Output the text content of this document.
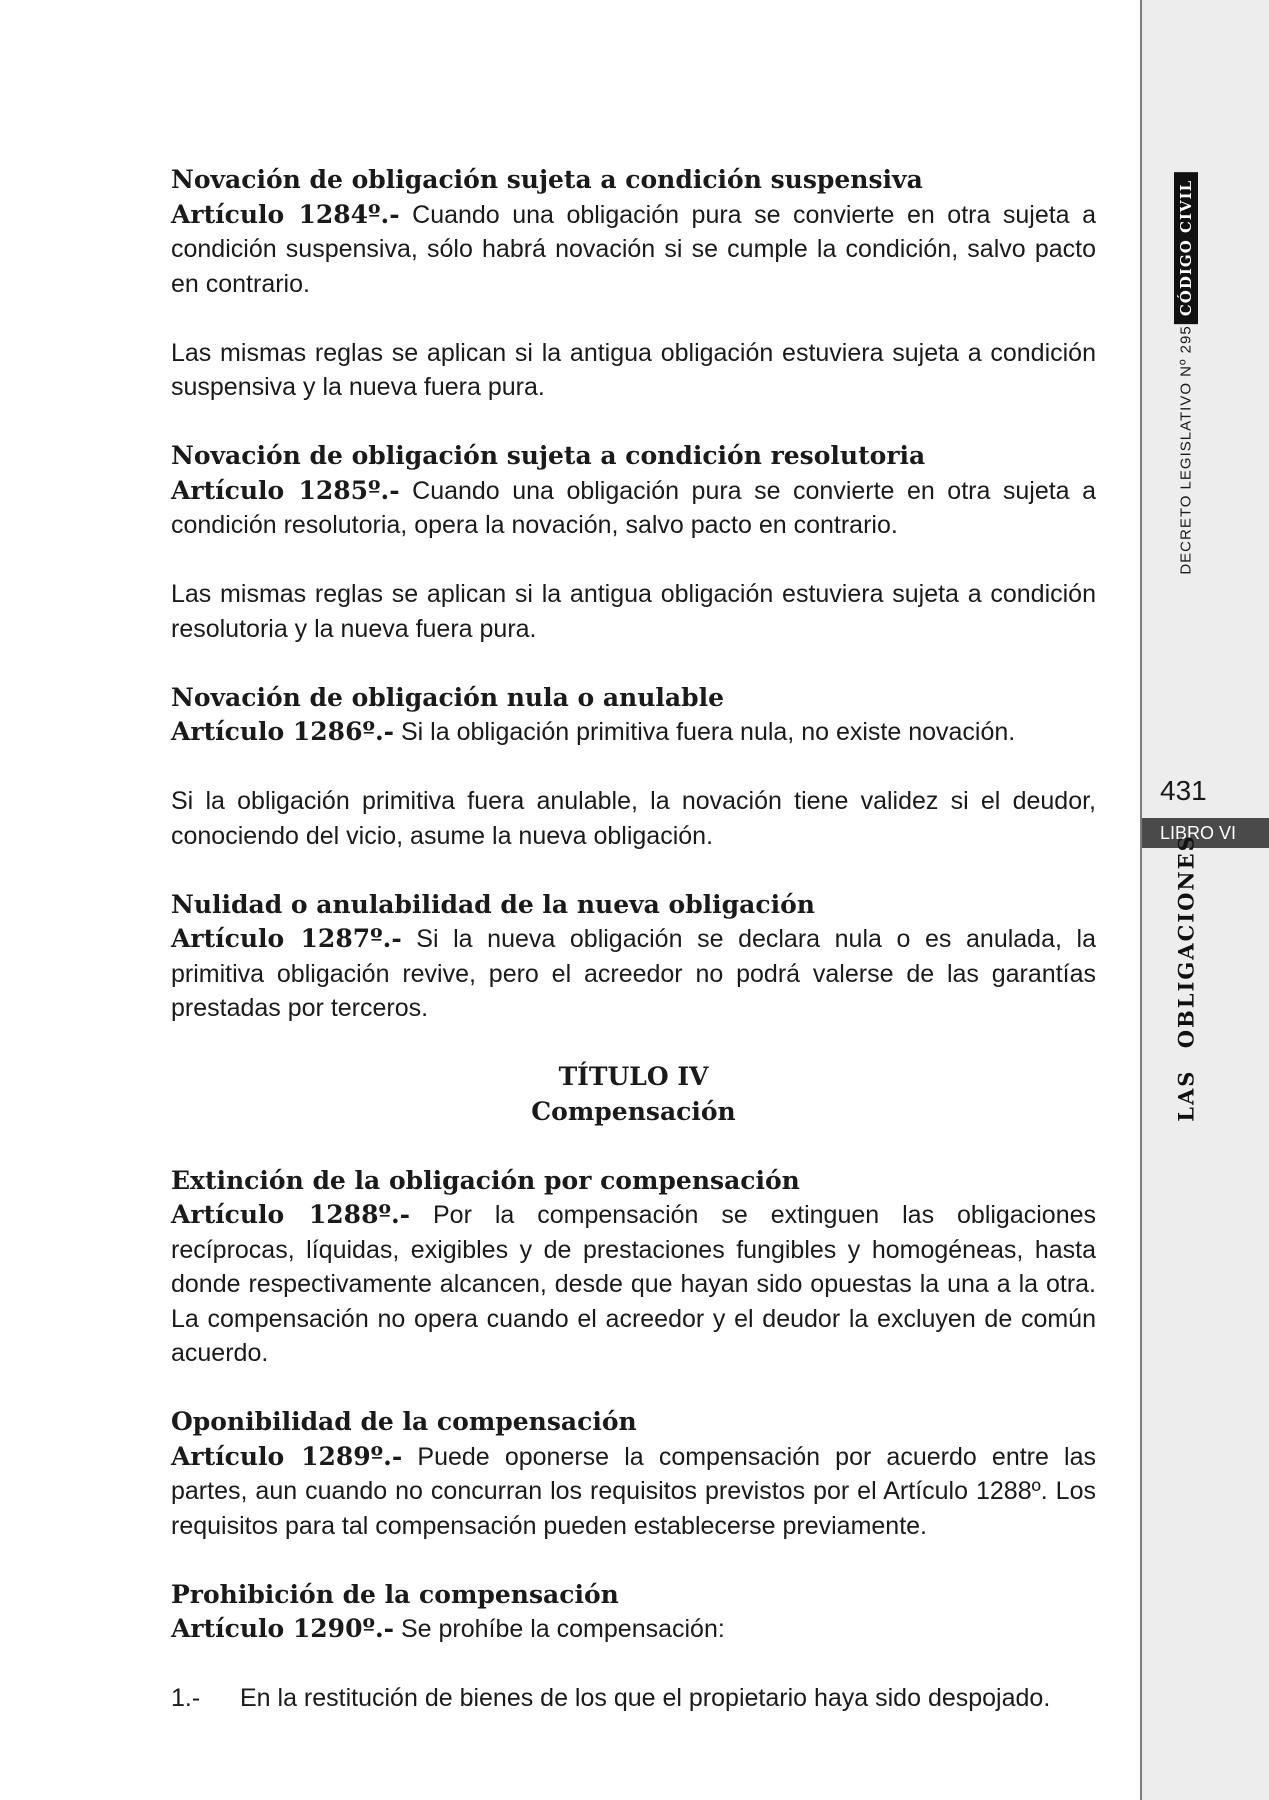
Novación de obligación sujeta a condición suspensiva

Artículo 1284º.- Cuando una obligación pura se convierte en otra sujeta a condición suspensiva, sólo habrá novación si se cumple la condición, salvo pacto en contrario.

Las mismas reglas se aplican si la antigua obligación estuviera sujeta a condición suspensiva y la nueva fuera pura.

Novación de obligación sujeta a condición resolutoria

Artículo 1285º.- Cuando una obligación pura se convierte en otra sujeta a condición resolutoria, opera la novación, salvo pacto en contrario.

Las mismas reglas se aplican si la antigua obligación estuviera sujeta a condición resolutoria y la nueva fuera pura.

Novación de obligación nula o anulable

Artículo 1286º.- Si la obligación primitiva fuera nula, no existe novación.

Si la obligación primitiva fuera anulable, la novación tiene validez si el deudor, conociendo del vicio, asume la nueva obligación.

Nulidad o anulabilidad de la nueva obligación

Artículo 1287º.- Si la nueva obligación se declara nula o es anulada, la primitiva obligación revive, pero el acreedor no podrá valerse de las garantías prestadas por terceros.

TÍTULO IV
Compensación
Extinción de la obligación por compensación

Artículo 1288º.- Por la compensación se extinguen las obligaciones recíprocas, líquidas, exigibles y de prestaciones fungibles y homogéneas, hasta donde respectivamente alcancen, desde que hayan sido opuestas la una a la otra. La compensación no opera cuando el acreedor y el deudor la excluyen de común acuerdo.

Oponibilidad de la compensación

Artículo 1289º.- Puede oponerse la compensación por acuerdo entre las partes, aun cuando no concurran los requisitos previstos por el Artículo 1288º. Los requisitos para tal compensación pueden establecerse previamente.

Prohibición de la compensación

Artículo 1290º.- Se prohíbe la compensación:

1.-	En la restitución de bienes de los que el propietario haya sido despojado.
CÓDIGO CIVIL
DECRETO LEGISLATIVO Nº 295
431
LIBRO VI
LAS OBLIGACIONES
